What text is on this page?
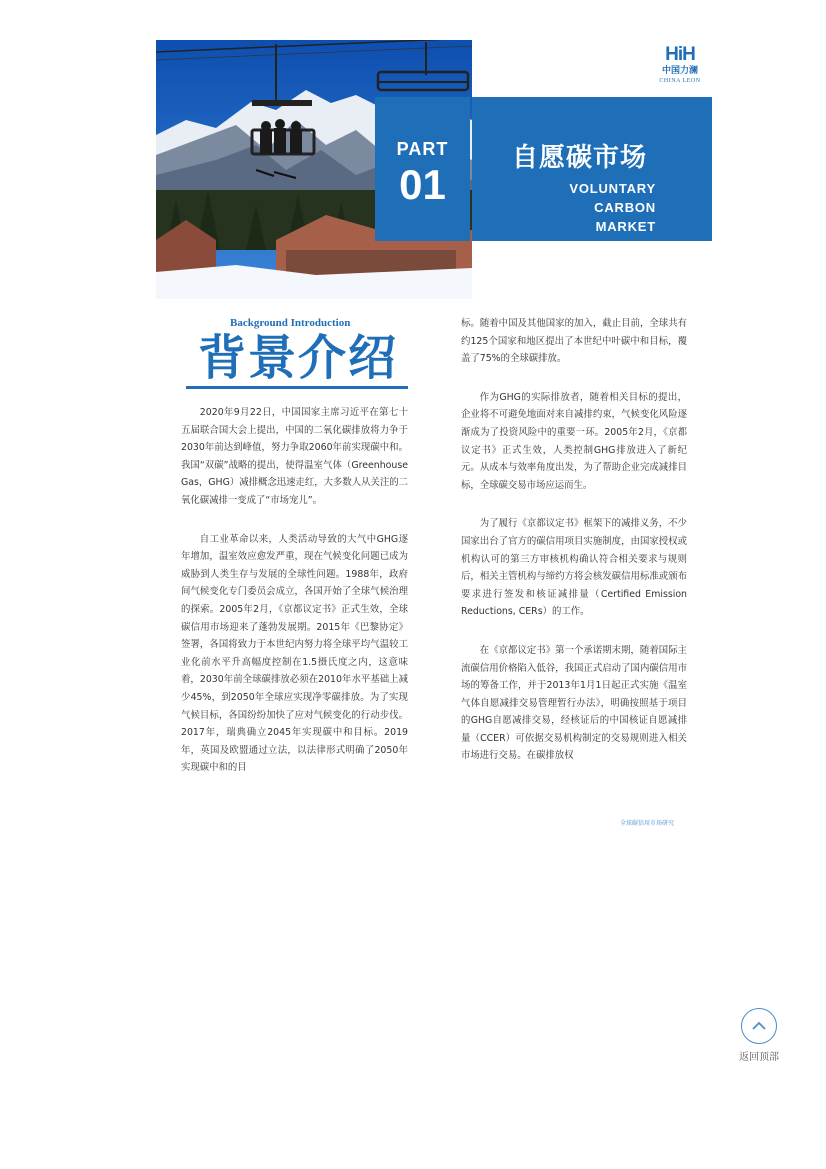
PART
01
自愿碳市场
VOLUNTARY
CARBON
MARKET
HiH
中国力澜
CHINA LEON
Background Introduction
背景介绍

2020年9月22日，中国国家主席习近平在第七十五届联合国大会上提出，中国的二氧化碳排放将力争于2030年前达到峰值，努力争取2060年前实现碳中和。我国“双碳”战略的提出，使得温室气体（Greenhouse Gas，GHG）减排概念迅速走红，大多数人从关注的二氧化碳减排一变成了“市场宠儿”。

自工业革命以来，人类活动导致的大气中GHG逐年增加，温室效应愈发严重，现在气候变化问题已成为威胁到人类生存与发展的全球性问题。1988年，政府间气候变化专门委员会成立，各国开始了全球气候治理的探索。2005年2月，《京都议定书》正式生效，全球碳信用市场迎来了蓬勃发展期。2015年《巴黎协定》签署，各国将致力于本世纪内努力将全球平均气温较工业化前水平升高幅度控制在1.5摄氏度之内，这意味着，2030年前全球碳排放必须在2010年水平基础上减少45%，到2050年全球应实现净零碳排放。为了实现气候目标，各国纷纷加快了应对气候变化的行动步伐。2017年，瑞典确立2045年实现碳中和目标。2019年，英国及欧盟通过立法，以法律形式明确了2050年实现碳中和的目

标。随着中国及其他国家的加入，截止目前，全球共有约125个国家和地区提出了本世纪中叶碳中和目标，覆盖了75%的全球碳排放。

作为GHG的实际排放者，随着相关目标的提出，企业将不可避免地面对来自减排约束，气候变化风险逐渐成为了投资风险中的重要一环。2005年2月，《京都议定书》正式生效，人类控制GHG排放进入了新纪元。从成本与效率角度出发，为了帮助企业完成减排目标，全球碳交易市场应运而生。

为了履行《京都议定书》框架下的减排义务，不少国家出台了官方的碳信用项目实施制度，由国家授权或机构认可的第三方审核机构确认符合相关要求与规则后，相关主管机构与缔约方将会核发碳信用标准或颁布要求进行签发和核证减排量（Certified Emission Reductions, CERs）的工作。

在《京都议定书》第一个承诺期末期，随着国际主流碳信用价格陷入低谷，我国正式启动了国内碳信用市场的筹备工作，并于2013年1月1日起正式实施《温室气体自愿减排交易管理暂行办法》，明确按照基于项目的GHG自愿减排交易，经核证后的中国核证自愿减排量（CCER）可依据交易机构制定的交易规则进入相关市场进行交易。在碳排放权

全球碳信用市场研究
返回顶部
